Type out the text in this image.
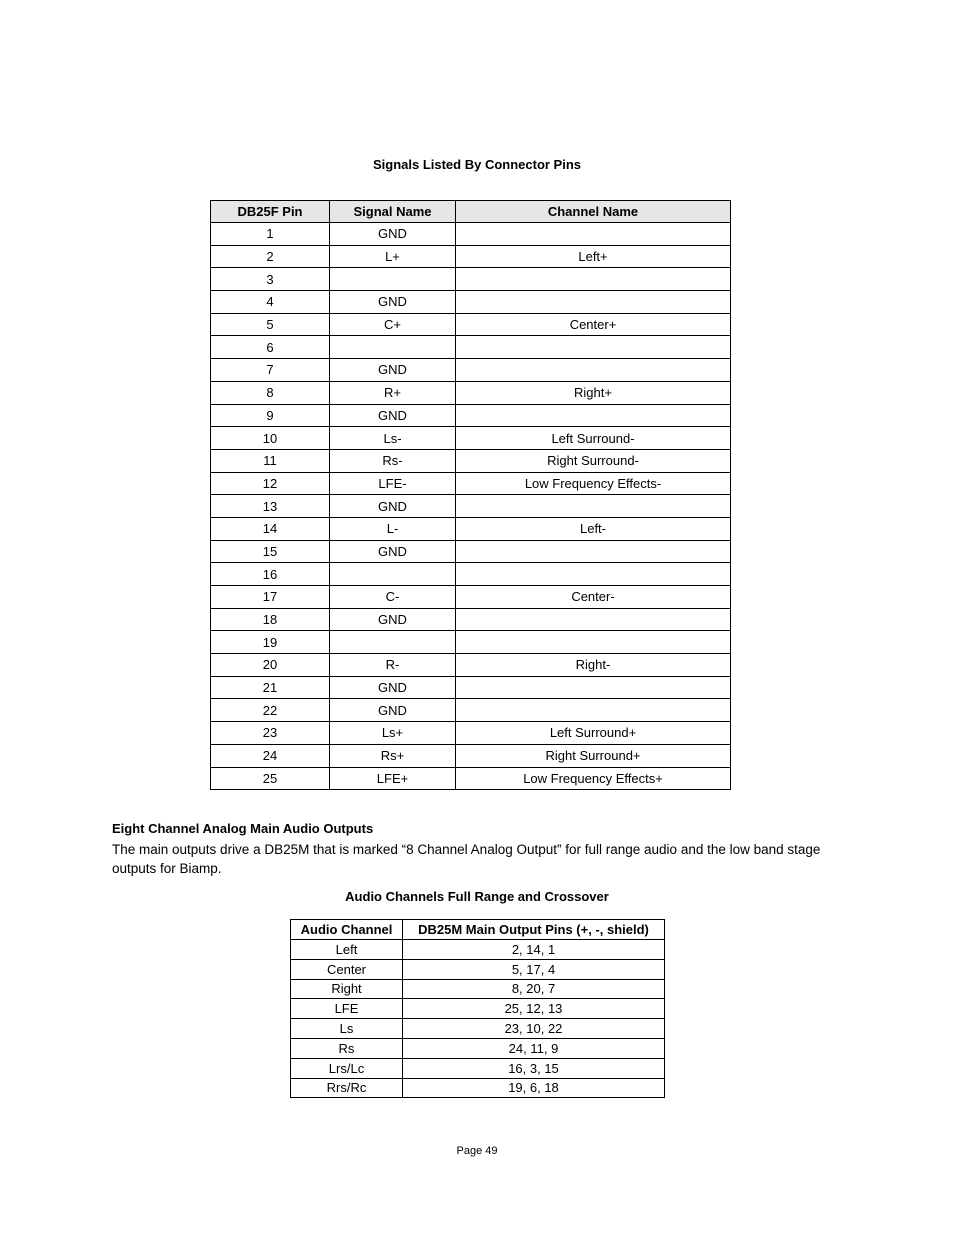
Signals Listed By Connector Pins
DB25F Pin	Signal Name	Channel Name
1	GND	
2	L+	Left+
3		
4	GND	
5	C+	Center+
6		
7	GND	
8	R+	Right+
9	GND	
10	Ls-	Left Surround-
11	Rs-	Right Surround-
12	LFE-	Low Frequency Effects-
13	GND	
14	L-	Left-
15	GND	
16		
17	C-	Center-
18	GND	
19		
20	R-	Right-
21	GND	
22	GND	
23	Ls+	Left Surround+
24	Rs+	Right Surround+
25	LFE+	Low Frequency Effects+
Eight Channel Analog Main Audio Outputs
The main outputs drive a DB25M that is marked “8 Channel Analog Output” for full range audio and the low band stage outputs for Biamp.
Audio Channels Full Range and Crossover
Audio Channel	DB25M Main Output Pins (+, -, shield)
Left	2, 14, 1
Center	5, 17, 4
Right	8, 20, 7
LFE	25, 12, 13
Ls	23, 10, 22
Rs	24, 11, 9
Lrs/Lc	16, 3, 15
Rrs/Rc	19, 6, 18
Page 49
